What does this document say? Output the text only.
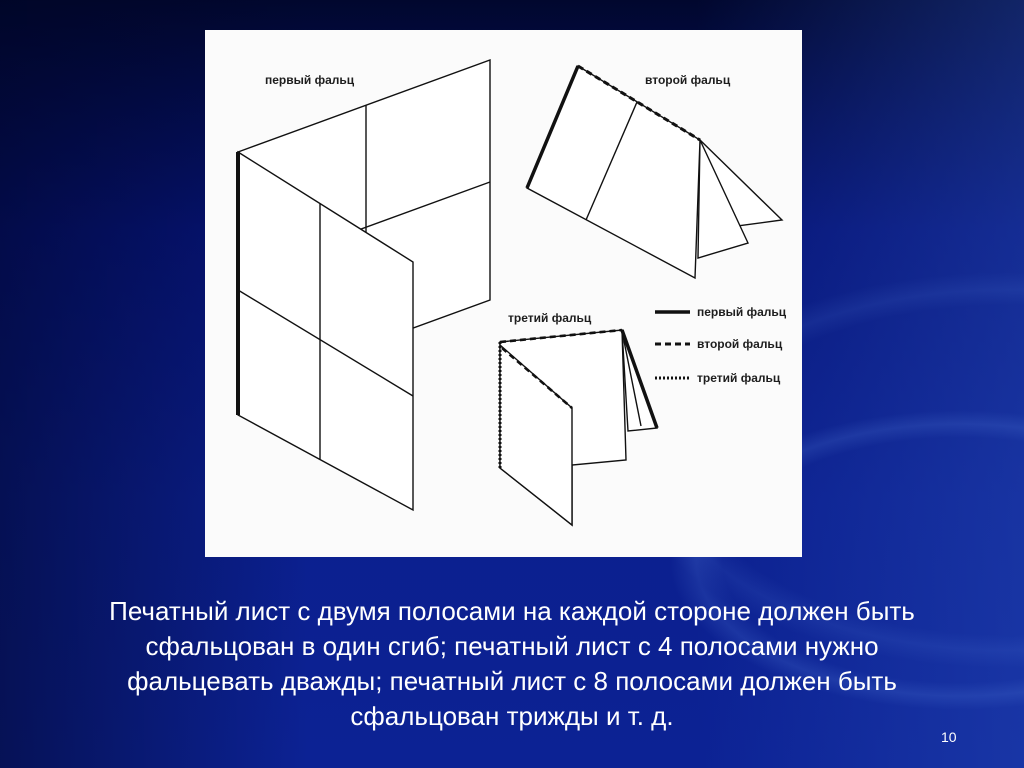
первый фальц	второй фальц
третий фальц	первый фальц
второй фальц
третий фальц
Печатный лист с двумя полосами на каждой стороне должен быть
сфальцован в один сгиб; печатный лист с 4 полосами нужно
фальцевать дважды; печатный лист с 8 полосами должен быть
сфальцован трижды и т. д.
10
